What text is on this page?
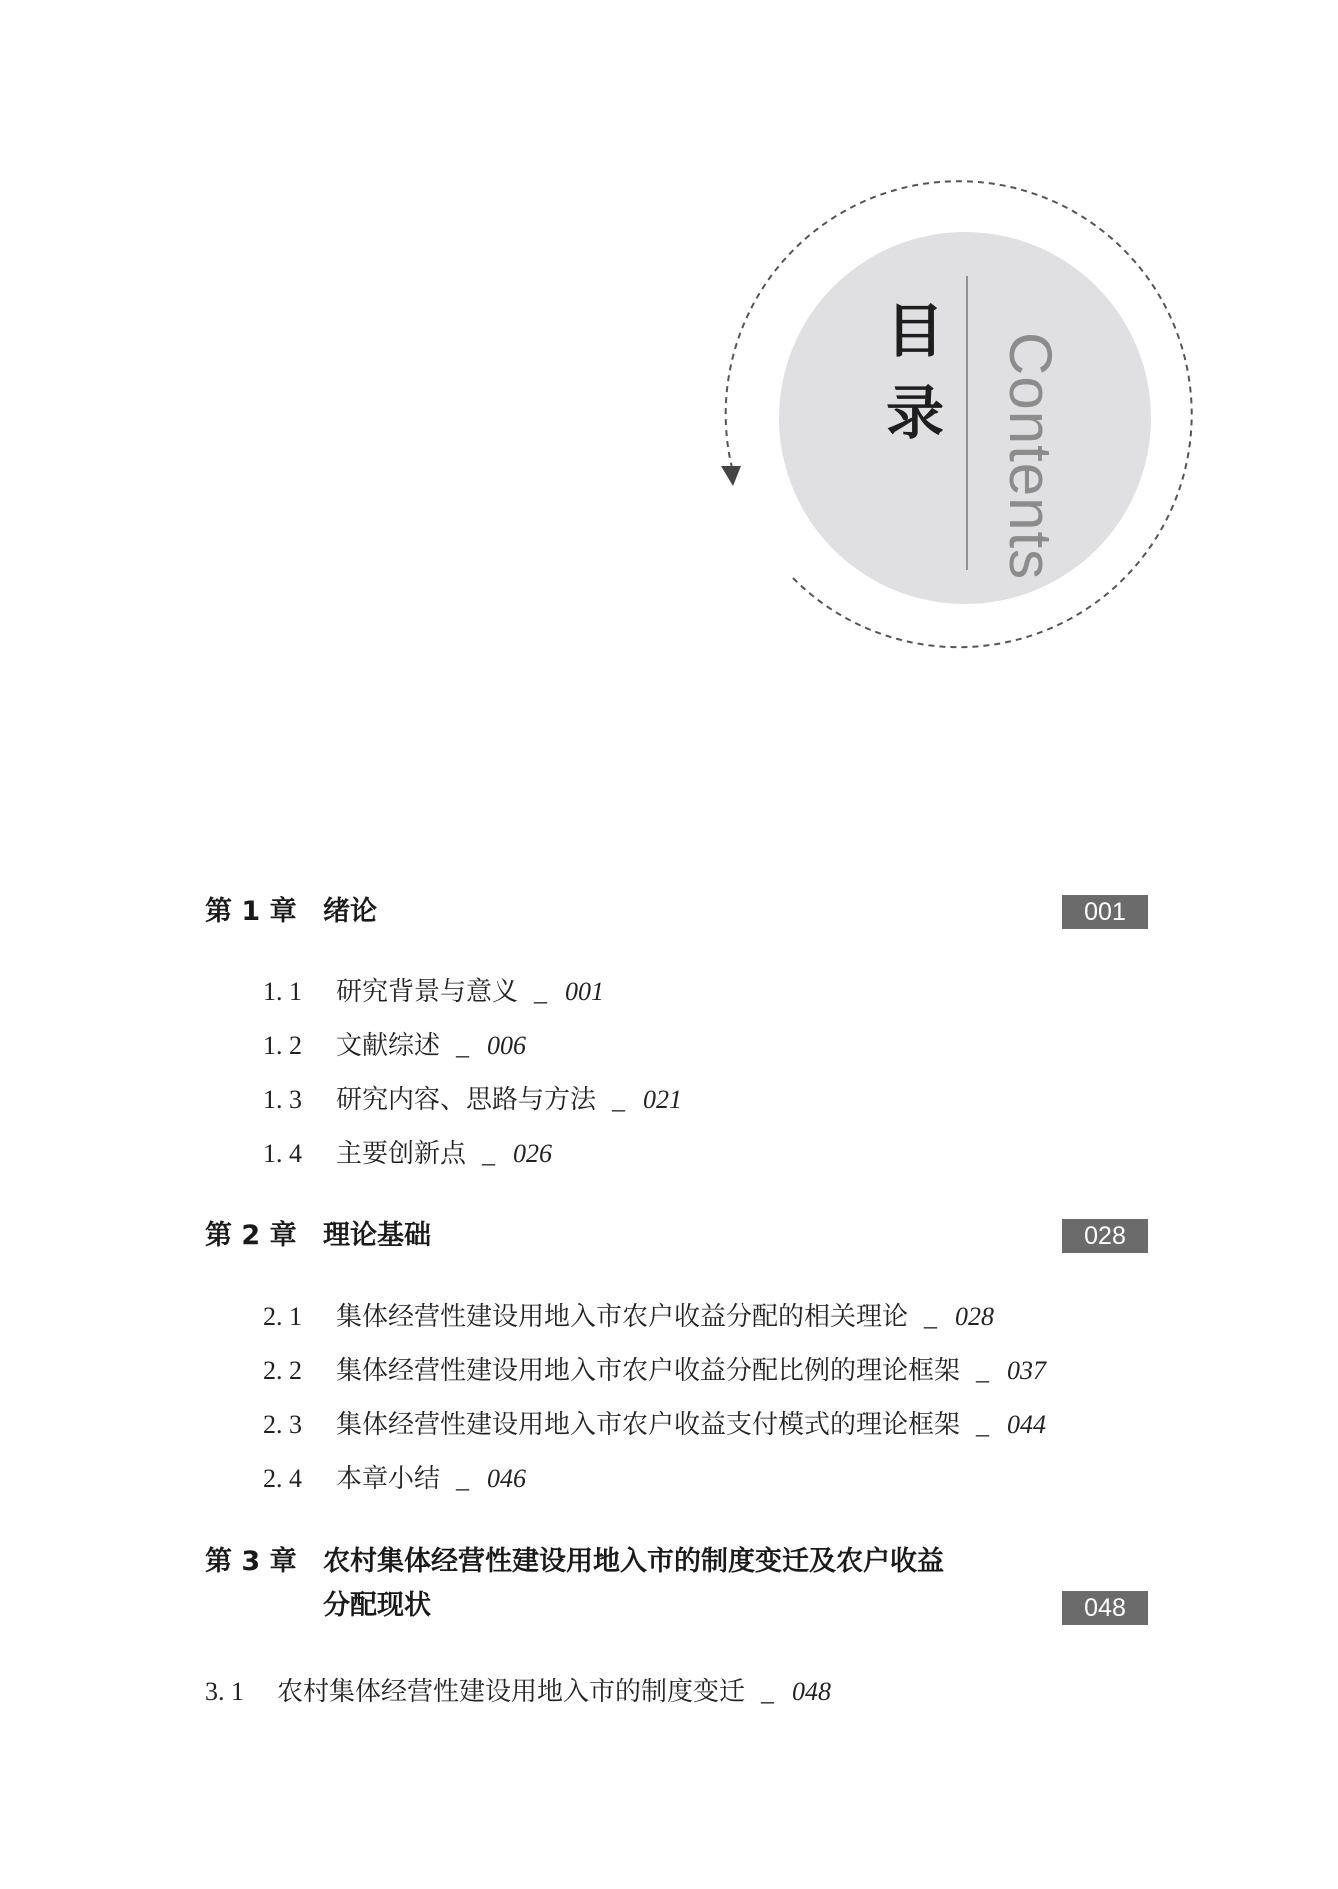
目
录 Contents
第 1 章 绪论	001
1. 1 研究背景与意义 _ 001
1. 2 文献综述 _ 006
1. 3 研究内容、思路与方法 _ 021
1. 4 主要创新点 _ 026
第 2 章 理论基础	028
2. 1 集体经营性建设用地入市农户收益分配的相关理论 _ 028
2. 2 集体经营性建设用地入市农户收益分配比例的理论框架 _ 037
2. 3 集体经营性建设用地入市农户收益支付模式的理论框架 _ 044
2. 4 本章小结 _ 046
第 3 章 农村集体经营性建设用地入市的制度变迁及农户收益
分配现状	048
3. 1 农村集体经营性建设用地入市的制度变迁 _ 048
